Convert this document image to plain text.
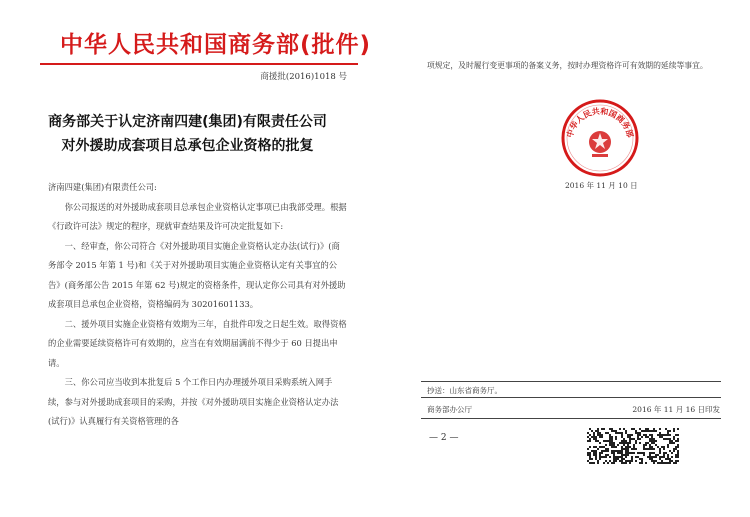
中华人民共和国商务部(批件)
商援批(2016)1018 号
商务部关于认定济南四建(集团)有限责任公司
对外援助成套项目总承包企业资格的批复

济南四建(集团)有限责任公司:

你公司报送的对外援助成套项目总承包企业资格认定事项已由我部受理。根据《行政许可法》规定的程序，现就审查结果及许可决定批复如下:

一、经审查，你公司符合《对外援助项目实施企业资格认定办法(试行)》(商务部令 2015 年第 1 号)和《关于对外援助项目实施企业资格认定有关事宜的公告》(商务部公告 2015 年第 62 号)规定的资格条件，现认定你公司具有对外援助成套项目总承包企业资格，资格编码为 30201601133。

二、援外项目实施企业资格有效期为三年，自批件印发之日起生效。取得资格的企业需要延续资格许可有效期的，应当在有效期届满前不得少于 60 日提出申请。

三、你公司应当收到本批复后 5 个工作日内办理援外项目采购系统入网手续，参与对外援助成套项目的采购，并按《对外援助项目实施企业资格认定办法(试行)》认真履行有关资格管理的各

项规定，及时履行变更事项的备案义务，按时办理资格许可有效期的延续等事宜。

中华人民共和国商务部
2016 年 11 月 10 日
抄送：山东省商务厅。
商务部办公厅	2016 年 11 月 16 日印发
— 2 —
